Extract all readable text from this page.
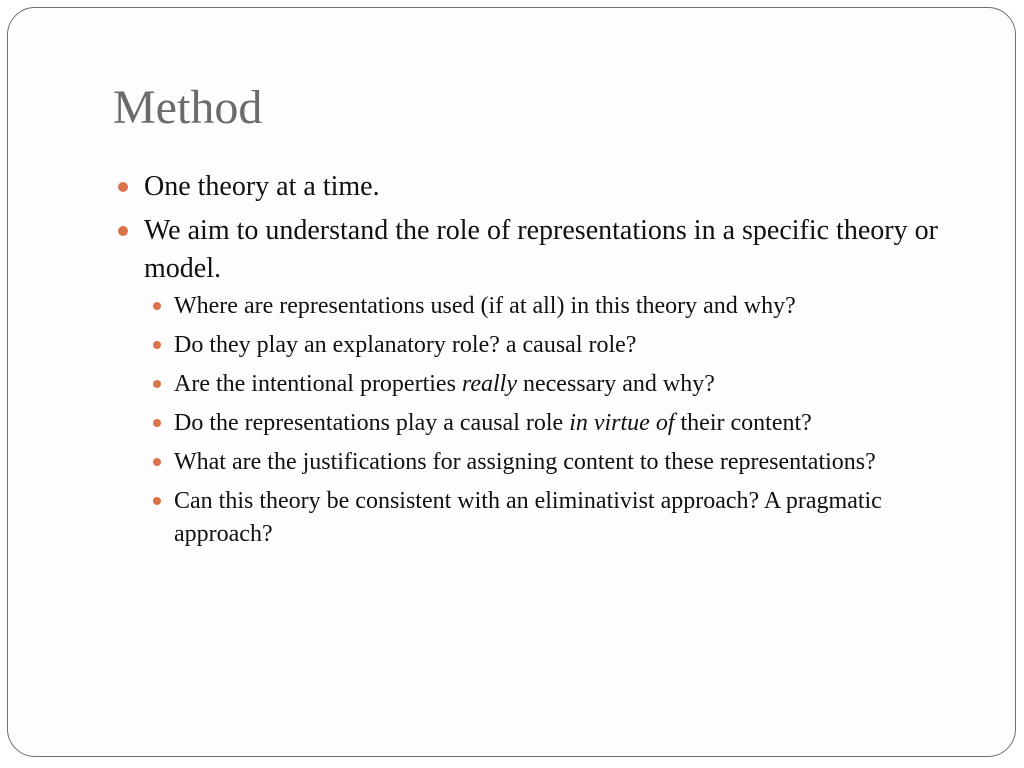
Method
One theory at a time.
We aim to understand the role of representations in a specific theory or model.
Where are representations used (if at all) in this theory and why?
Do they play an explanatory role? a causal role?
Are the intentional properties really necessary and why?
Do the representations play a causal role in virtue of their content?
What are the justifications for assigning content to these representations?
Can this theory be consistent with an eliminativist approach? A pragmatic approach?
